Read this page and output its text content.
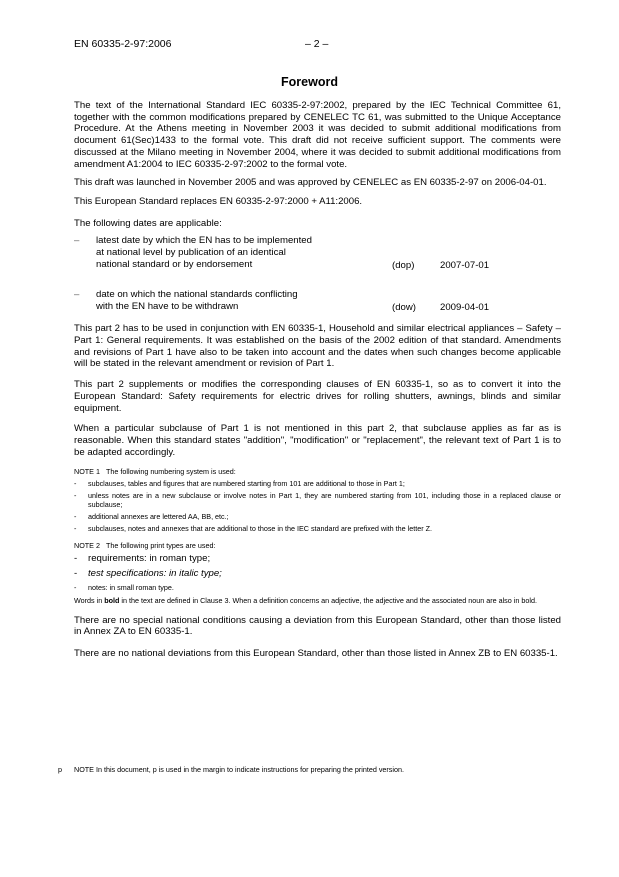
EN 60335-2-97:2006	– 2 –
Foreword

The text of the International Standard IEC 60335-2-97:2002, prepared by the IEC Technical Committee 61, together with the common modifications prepared by CENELEC TC 61, was submitted to the Unique Acceptance Procedure. At the Athens meeting in November 2003 it was decided to submit additional modifications from document 61(Sec)1433 to the formal vote. This draft did not receive sufficient support. The comments were discussed at the Milano meeting in November 2004, where it was decided to submit additional modifications from amendment A1:2004 to IEC 60335-2-97:2002 to the formal vote.

This draft was launched in November 2005 and was approved by CENELEC as EN 60335-2-97 on 2006-04-01.

This European Standard replaces EN 60335-2-97:2000 + A11:2006.

The following dates are applicable:

– latest date by which the EN has to be implemented
at national level by publication of an identical
national standard or by endorsement	(dop)	2007-07-01
– date on which the national standards conflicting
with the EN have to be withdrawn	(dow)	2009-04-01

This part 2 has to be used in conjunction with EN 60335-1, Household and similar electrical appliances – Safety – Part 1: General requirements. It was established on the basis of the 2002 edition of that standard. Amendments and revisions of Part 1 have also to be taken into account and the dates when such changes become applicable will be stated in the relevant amendment or revision of Part 1.

This part 2 supplements or modifies the corresponding clauses of EN 60335-1, so as to convert it into the European Standard: Safety requirements for electric drives for rolling shutters, awnings, blinds and similar equipment.

When a particular subclause of Part 1 is not mentioned in this part 2, that subclause applies as far as is reasonable. When this standard states "addition", "modification" or "replacement", the relevant text of Part 1 is to be adapted accordingly.

NOTE 1 The following numbering system is used:

- subclauses, tables and figures that are numbered starting from 101 are additional to those in Part 1;
- unless notes are in a new subclause or involve notes in Part 1, they are numbered starting from 101, including those in a replaced clause or subclause;
- additional annexes are lettered AA, BB, etc.;
- subclauses, notes and annexes that are additional to those in the IEC standard are prefixed with the letter Z.

NOTE 2 The following print types are used:

- requirements: in roman type;
- test specifications: in italic type;
- notes: in small roman type.

Words in bold in the text are defined in Clause 3. When a definition concerns an adjective, the adjective and the associated noun are also in bold.

There are no special national conditions causing a deviation from this European Standard, other than those listed in Annex ZA to EN 60335-1.

There are no national deviations from this European Standard, other than those listed in Annex ZB to EN 60335-1.

p NOTE In this document, p is used in the margin to indicate instructions for preparing the printed version.
